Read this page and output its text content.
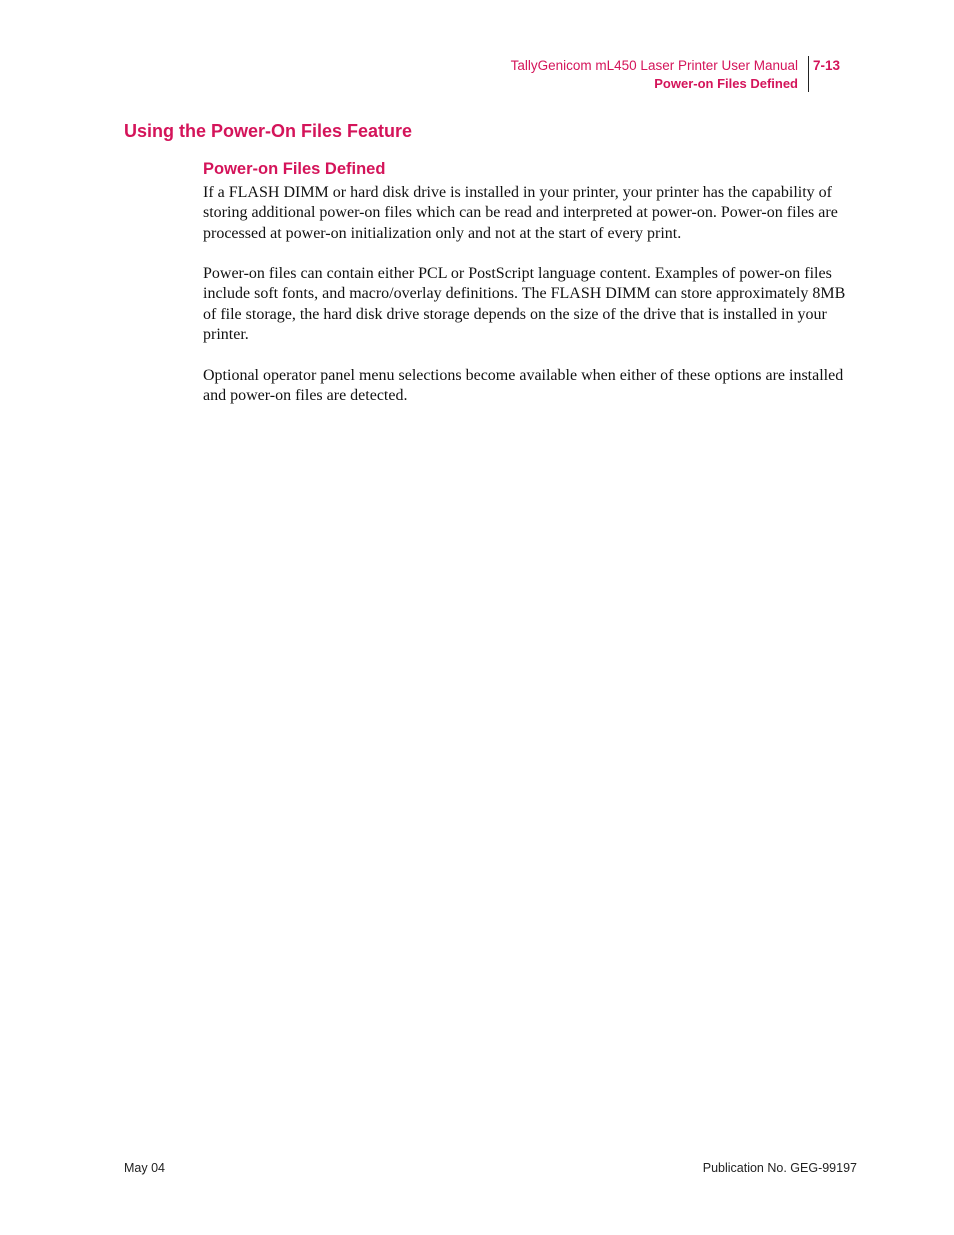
TallyGenicom mL450 Laser Printer User Manual
Power-on Files Defined
7-13
Using the Power-On Files Feature
Power-on Files Defined

If a FLASH DIMM or hard disk drive is installed in your printer, your printer has the capability of storing additional power-on files which can be read and interpreted at power-on. Power-on files are processed at power-on initialization only and not at the start of every print.

Power-on files can contain either PCL or PostScript language content. Examples of power-on files include soft fonts, and macro/overlay definitions. The FLASH DIMM can store approximately 8MB of file storage, the hard disk drive storage depends on the size of the drive that is installed in your printer.

Optional operator panel menu selections become available when either of these options are installed and power-on files are detected.

May 04	Publication No. GEG-99197
